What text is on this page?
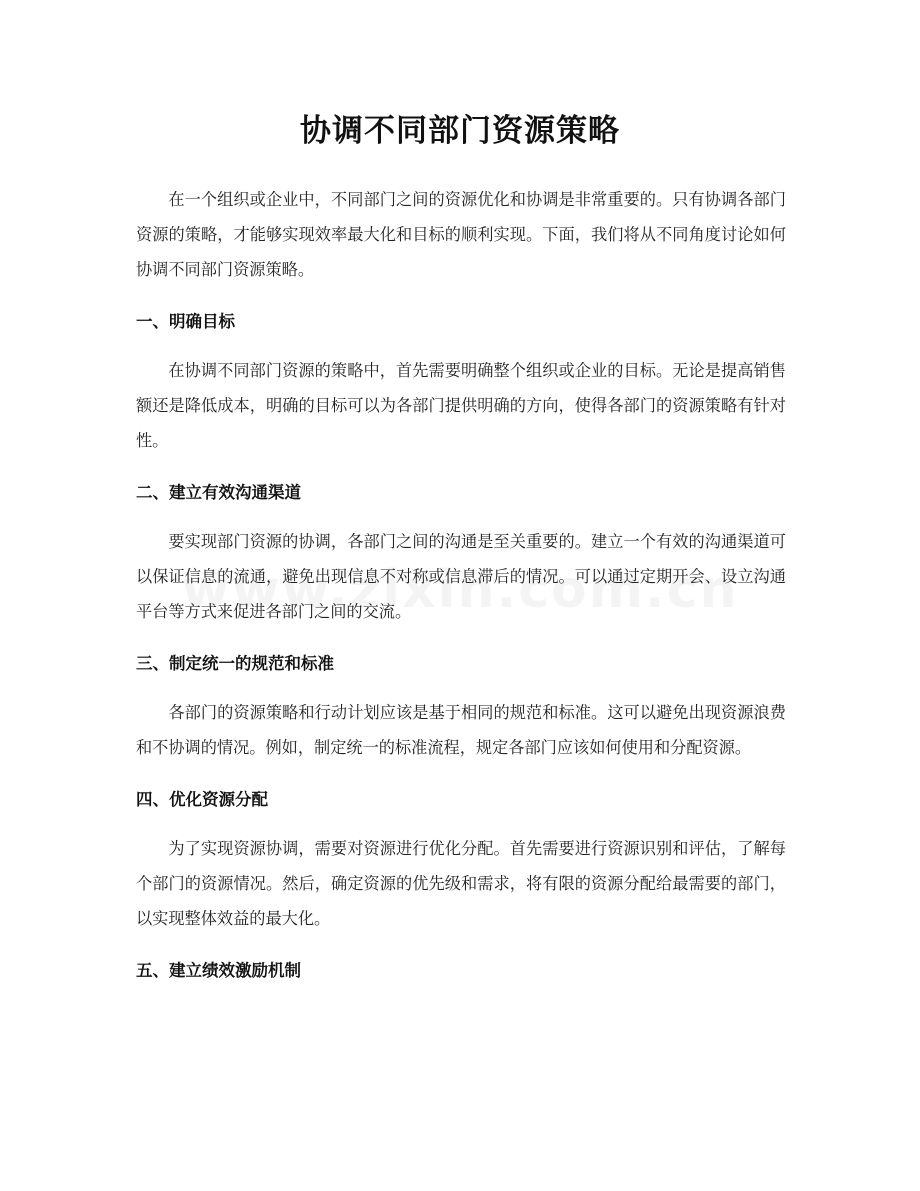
协调不同部门资源策略

在一个组织或企业中，不同部门之间的资源优化和协调是非常重要的。只有协调各部门资源的策略，才能够实现效率最大化和目标的顺利实现。下面，我们将从不同角度讨论如何协调不同部门资源策略。

一、明确目标

在协调不同部门资源的策略中，首先需要明确整个组织或企业的目标。无论是提高销售额还是降低成本，明确的目标可以为各部门提供明确的方向，使得各部门的资源策略有针对性。

二、建立有效沟通渠道

要实现部门资源的协调，各部门之间的沟通是至关重要的。建立一个有效的沟通渠道可以保证信息的流通，避免出现信息不对称或信息滞后的情况。可以通过定期开会、设立沟通平台等方式来促进各部门之间的交流。

三、制定统一的规范和标准

各部门的资源策略和行动计划应该是基于相同的规范和标准。这可以避免出现资源浪费和不协调的情况。例如，制定统一的标准流程，规定各部门应该如何使用和分配资源。

四、优化资源分配

为了实现资源协调，需要对资源进行优化分配。首先需要进行资源识别和评估，了解每个部门的资源情况。然后，确定资源的优先级和需求，将有限的资源分配给最需要的部门，以实现整体效益的最大化。

五、建立绩效激励机制
